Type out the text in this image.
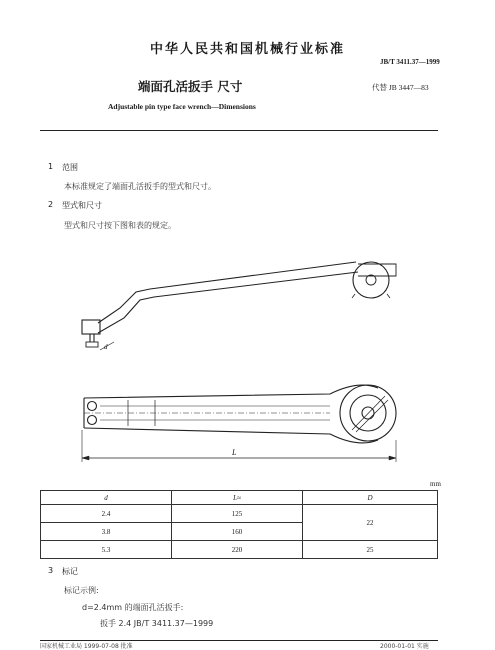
中华人民共和国机械行业标准
JB/T 3411.37—1999
端面孔活扳手 尺寸	代替 JB 3447—83
Adjustable pin type face wrench—Dimensions
1 范围
本标准规定了端面孔活扳手的型式和尺寸。
2 型式和尺寸
型式和尺寸按下图和表的规定。
d
L
mm
d	L≈	D
2.4	125	22
3.8	160	
5.3	220	25
3 标记
标记示例:
d=2.4mm 的端面孔活扳手:
扳手 2.4 JB/T 3411.37—1999
国家机械工业局 1999-07-08 批准	2000-01-01 实施
